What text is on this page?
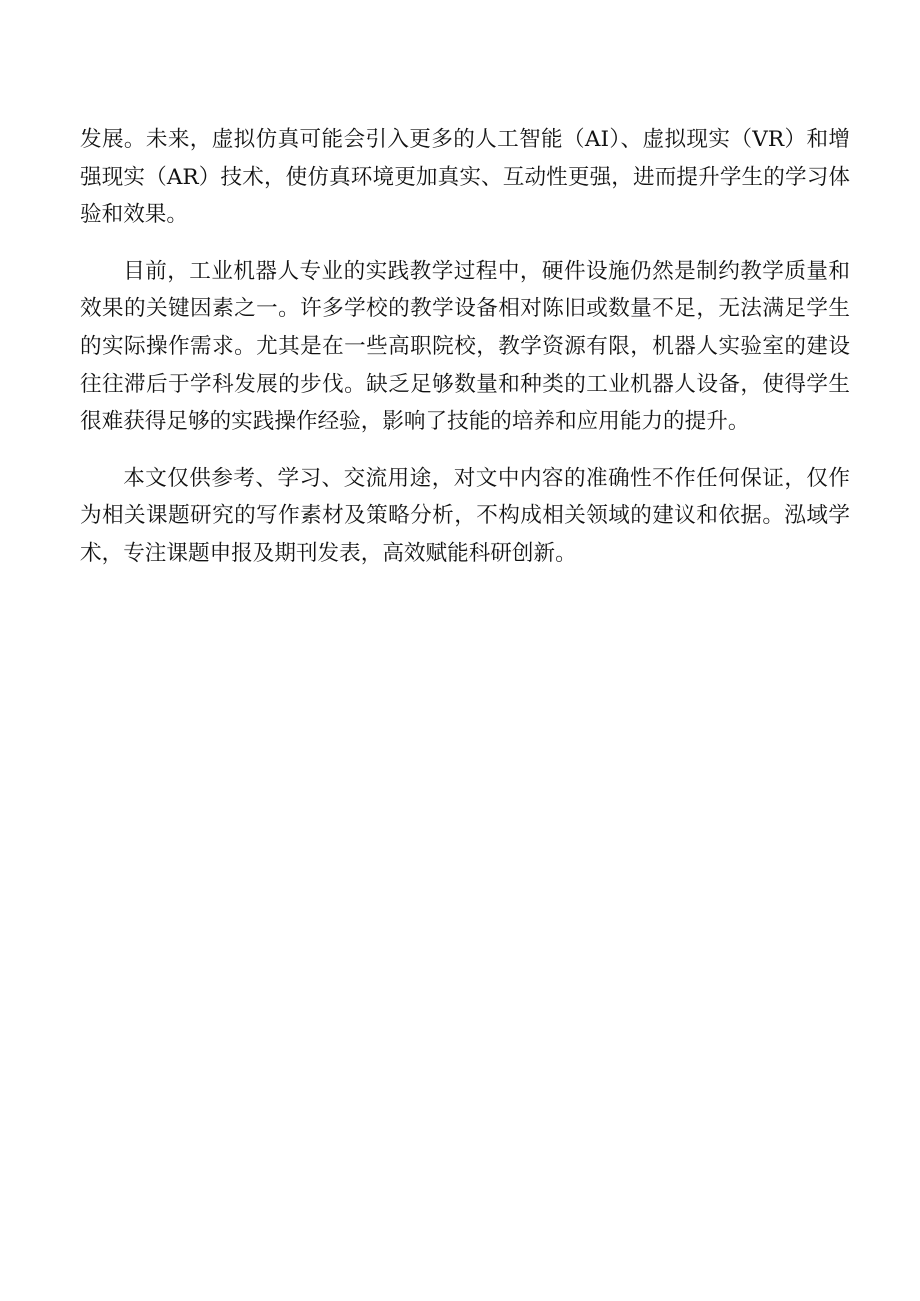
发展。未来，虚拟仿真可能会引入更多的人工智能（AI）、虚拟现实（VR）和增强现实（AR）技术，使仿真环境更加真实、互动性更强，进而提升学生的学习体验和效果。

目前，工业机器人专业的实践教学过程中，硬件设施仍然是制约教学质量和效果的关键因素之一。许多学校的教学设备相对陈旧或数量不足，无法满足学生的实际操作需求。尤其是在一些高职院校，教学资源有限，机器人实验室的建设往往滞后于学科发展的步伐。缺乏足够数量和种类的工业机器人设备，使得学生很难获得足够的实践操作经验，影响了技能的培养和应用能力的提升。

本文仅供参考、学习、交流用途，对文中内容的准确性不作任何保证，仅作为相关课题研究的写作素材及策略分析，不构成相关领域的建议和依据。泓域学术，专注课题申报及期刊发表，高效赋能科研创新。
